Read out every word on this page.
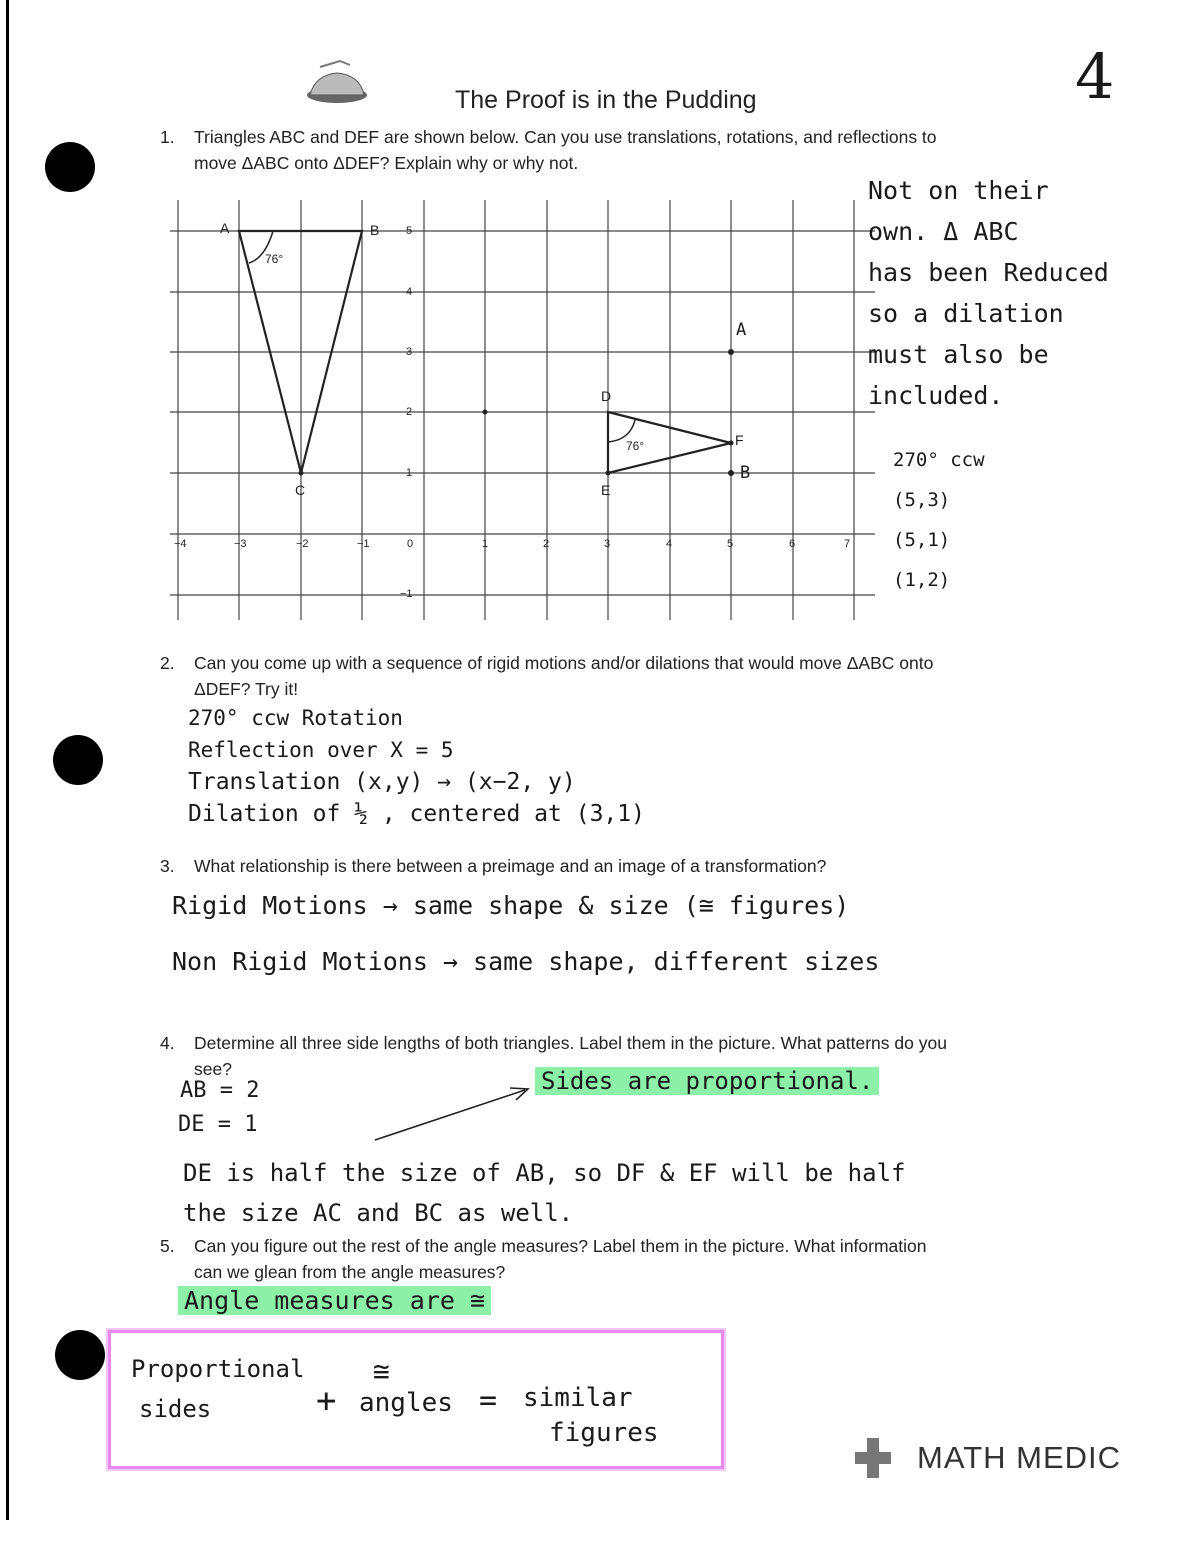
The Proof is in the Pudding	4
1. Triangles ABC and DEF are shown below. Can you use translations, rotations, and reflections to
move ΔABC onto ΔDEF? Explain why or why not.
−4	−3	−2	−1	0	1	2	3	4	5	6	7
5
4
3
2
1
−1
A	B
C
D
E
F
76°
76°
A
B
Not on their
own. Δ ABC
has been Reduced
so a dilation
must also be
included.
270° ccw
(5,3)
(5,1)
(1,2)
2. Can you come up with a sequence of rigid motions and/or dilations that would move ΔABC onto
ΔDEF? Try it!
270° ccw Rotation
Reflection over X = 5
Translation (x,y) → (x−2, y)
Dilation of ½ , centered at (3,1)
3. What relationship is there between a preimage and an image of a transformation?
Rigid Motions → same shape & size (≅ figures)
Non Rigid Motions → same shape, different sizes
4. Determine all three side lengths of both triangles. Label them in the picture. What patterns do you
see?
AB = 2
DE = 1
Sides are proportional.
DE is half the size of AB, so DF & EF will be half
the size AC and BC as well.
5. Can you figure out the rest of the angle measures? Label them in the picture. What information
can we glean from the angle measures?
Angle measures are ≅
Proportional
sides
≅
+ angles = similar
figures
MATH MEDIC
